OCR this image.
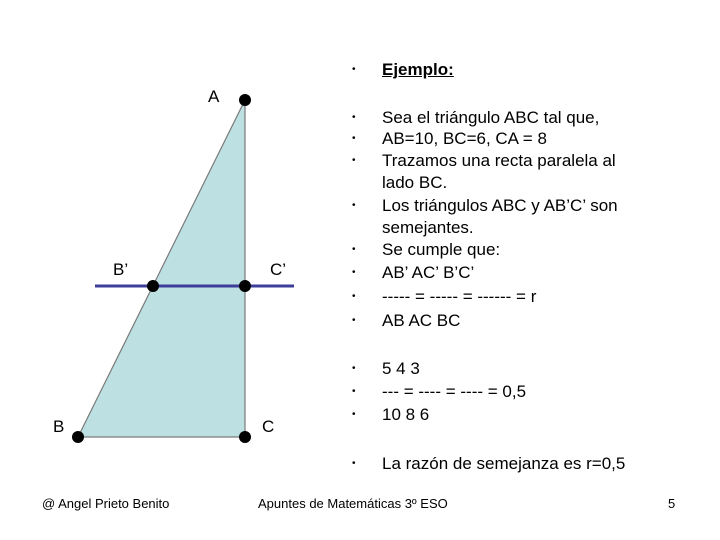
A
B’	C’
B	C
•	Ejemplo:
•	Sea el triángulo ABC tal que,
•	AB=10, BC=6, CA = 8
•	Trazamos una recta paralela al
lado BC.
•	Los triángulos ABC y AB’C’ son
semejantes.
•	Se cumple que:
•	AB’ AC’ B’C’
•	----- = ----- = ------ = r
•	AB AC BC
•	5 4 3
•	--- = ---- = ---- = 0,5
•	10 8 6
•	La razón de semejanza es r=0,5
@ Angel Prieto Benito	Apuntes de Matemáticas 3º ESO	5
